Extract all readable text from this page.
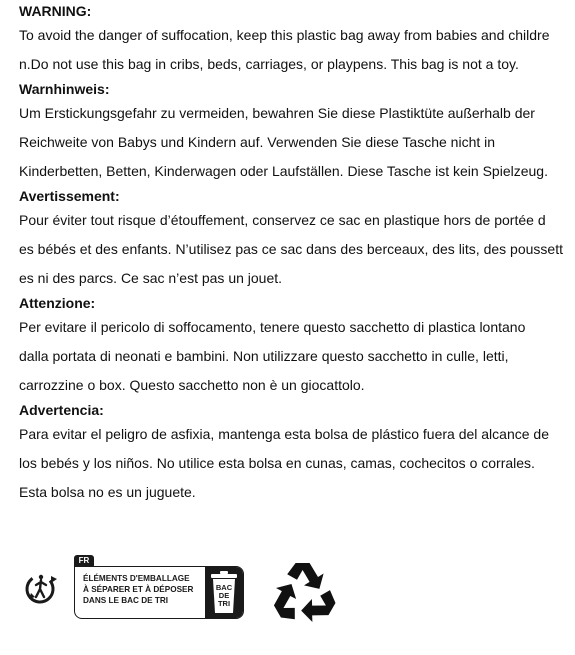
WARNING:

To avoid the danger of suffocation, keep this plastic bag away from babies and childre

n.Do not use this bag in cribs, beds, carriages, or playpens. This bag is not a toy.

Warnhinweis:

Um Erstickungsgefahr zu vermeiden, bewahren Sie diese Plastiktüte außerhalb der

Reichweite von Babys und Kindern auf. Verwenden Sie diese Tasche nicht in

Kinderbetten, Betten, Kinderwagen oder Laufställen. Diese Tasche ist kein Spielzeug.

Avertissement:

Pour éviter tout risque d’étouffement, conservez ce sac en plastique hors de portée d

es bébés et des enfants. N’utilisez pas ce sac dans des berceaux, des lits, des poussett

es ni des parcs. Ce sac n’est pas un jouet.

Attenzione:

Per evitare il pericolo di soffocamento, tenere questo sacchetto di plastica lontano

dalla portata di neonati e bambini. Non utilizzare questo sacchetto in culle, letti,

carrozzine o box. Questo sacchetto non è un giocattolo.

Advertencia:

Para evitar el peligro de asfixia, mantenga esta bolsa de plástico fuera del alcance de

los bebés y los niños. No utilice esta bolsa en cunas, camas, cochecitos o corrales.

Esta bolsa no es un juguete.

FR
ÉLÉMENTS D'EMBALLAGE
À SÉPARER ET À DÉPOSER
DANS LE BAC DE TRI
BAC
DE
TRI
